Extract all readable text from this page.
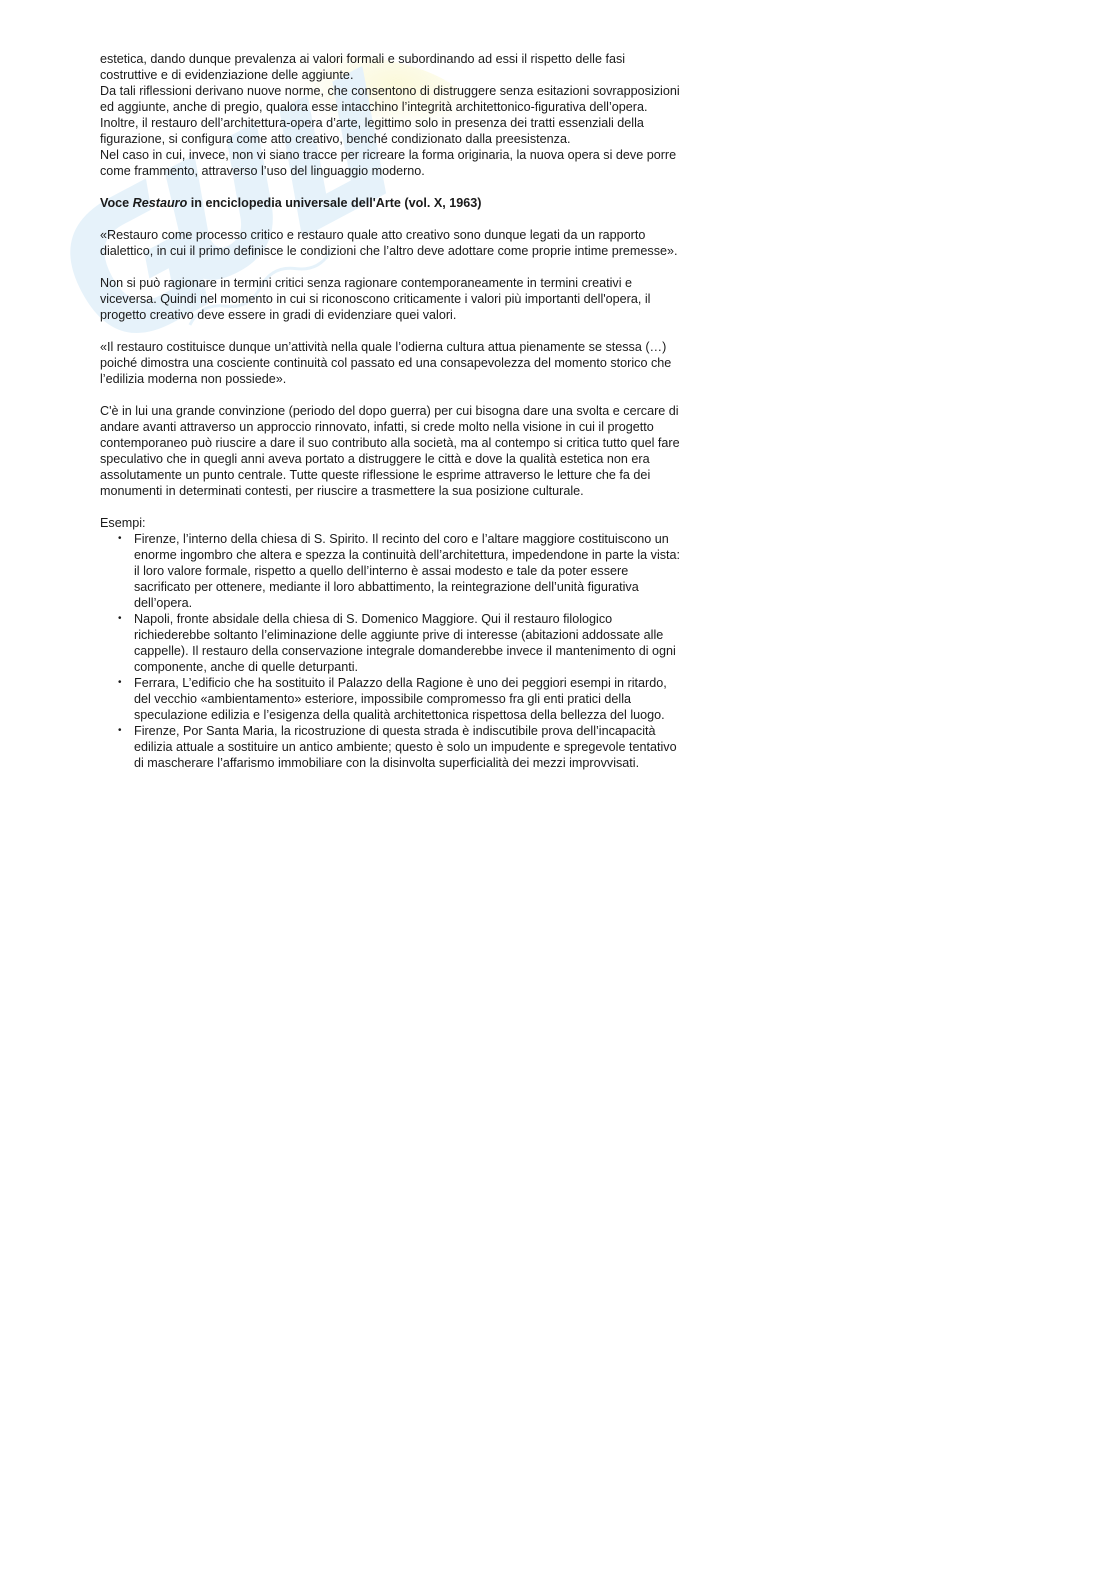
estetica, dando dunque prevalenza ai valori formali e subordinando ad essi il rispetto delle fasi costruttive e di evidenziazione delle aggiunte.
Da tali riflessioni derivano nuove norme, che consentono di distruggere senza esitazioni sovrapposizioni ed aggiunte, anche di pregio, qualora esse intacchino l’integrità architettonico-figurativa dell’opera.
Inoltre, il restauro dell’architettura-opera d’arte, legittimo solo in presenza dei tratti essenziali della figurazione, si configura come atto creativo, benché condizionato dalla preesistenza.
Nel caso in cui, invece, non vi siano tracce per ricreare la forma originaria, la nuova opera si deve porre come frammento, attraverso l’uso del linguaggio moderno.

Voce Restauro in enciclopedia universale dell'Arte (vol. X, 1963)

«Restauro come processo critico e restauro quale atto creativo sono dunque legati da un rapporto dialettico, in cui il primo definisce le condizioni che l’altro deve adottare come proprie intime premesse».

Non si può ragionare in termini critici senza ragionare contemporaneamente in termini creativi e viceversa. Quindi nel momento in cui si riconoscono criticamente i valori più importanti dell'opera, il progetto creativo deve essere in gradi di evidenziare quei valori.

«Il restauro costituisce dunque un’attività nella quale l’odierna cultura attua pienamente se stessa (…) poiché dimostra una cosciente continuità col passato ed una consapevolezza del momento storico che l’edilizia moderna non possiede».

C'è in lui una grande convinzione (periodo del dopo guerra) per cui bisogna dare una svolta e cercare di andare avanti attraverso un approccio rinnovato, infatti, si crede molto nella visione in cui il progetto contemporaneo può riuscire a dare il suo contributo alla società, ma al contempo si critica tutto quel fare speculativo che in quegli anni aveva portato a distruggere le città e dove la qualità estetica non era assolutamente un punto centrale. Tutte queste riflessione le esprime attraverso le letture che fa dei monumenti in determinati contesti, per riuscire a trasmettere la sua posizione culturale.

Esempi:

• Firenze, l’interno della chiesa di S. Spirito. Il recinto del coro e l’altare maggiore costituiscono un enorme ingombro che altera e spezza la continuità dell’architettura, impedendone in parte la vista: il loro valore formale, rispetto a quello dell’interno è assai modesto e tale da poter essere sacrificato per ottenere, mediante il loro abbattimento, la reintegrazione dell’unità figurativa dell’opera.
• Napoli, fronte absidale della chiesa di S. Domenico Maggiore. Qui il restauro filologico richiederebbe soltanto l’eliminazione delle aggiunte prive di interesse (abitazioni addossate alle cappelle). Il restauro della conservazione integrale domanderebbe invece il mantenimento di ogni componente, anche di quelle deturpanti.
• Ferrara, L’edificio che ha sostituito il Palazzo della Ragione è uno dei peggiori esempi in ritardo, del vecchio «ambientamento» esteriore, impossibile compromesso fra gli enti pratici della speculazione edilizia e l’esigenza della qualità architettonica rispettosa della bellezza del luogo.
• Firenze, Por Santa Maria, la ricostruzione di questa strada è indiscutibile prova dell’incapacità edilizia attuale a sostituire un antico ambiente; questo è solo un impudente e spregevole tentativo di mascherare l’affarismo immobiliare con la disinvolta superficialità dei mezzi improvvisati.
